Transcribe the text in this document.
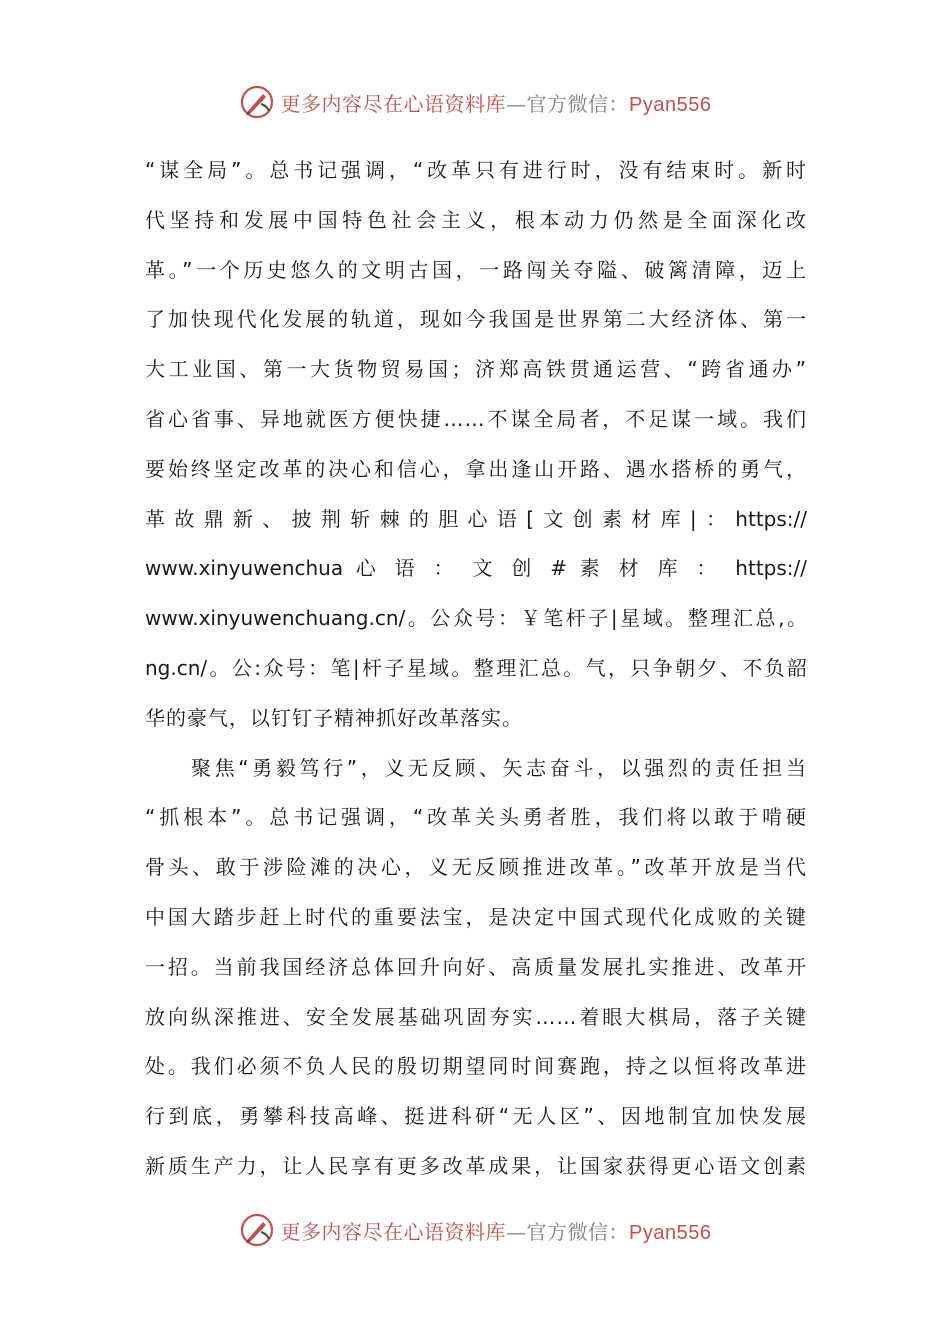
更多内容尽在心语资料库—官方微信：Pyan556
“谋全局”。总书记强调，“改革只有进行时，没有结束时。新时
代坚持和发展中国特色社会主义，根本动力仍然是全面深化改
革。”一个历史悠久的文明古国，一路闯关夺隘、破篱清障，迈上
了加快现代化发展的轨道，现如今我国是世界第二大经济体、第一
大工业国、第一大货物贸易国；济郑高铁贯通运营、“跨省通办”
省心省事、异地就医方便快捷……不谋全局者，不足谋一域。我们
要始终坚定改革的决心和信心，拿出逢山开路、遇水搭桥的勇气，
革故鼎新、披荆斩棘的胆心语[文创素材库|：https://
www.xinyuwenchua 心 语 ： 文 创 # 素 材 库 ： https://
www.xinyuwenchuang.cn/。公众号：￥笔杆子|星域。整理汇总,。
ng.cn/。公:众号：笔|杆子星域。整理汇总。气，只争朝夕、不负韶
华的豪气，以钉钉子精神抓好改革落实。
聚焦“勇毅笃行”，义无反顾、矢志奋斗，以强烈的责任担当
“抓根本”。总书记强调，“改革关头勇者胜，我们将以敢于啃硬
骨头、敢于涉险滩的决心，义无反顾推进改革。”改革开放是当代
中国大踏步赶上时代的重要法宝，是决定中国式现代化成败的关键
一招。当前我国经济总体回升向好、高质量发展扎实推进、改革开
放向纵深推进、安全发展基础巩固夯实……着眼大棋局，落子关键
处。我们必须不负人民的殷切期望同时间赛跑，持之以恒将改革进
行到底，勇攀科技高峰、挺进科研“无人区”、因地制宜加快发展
新质生产力，让人民享有更多改革成果，让国家获得更心语文创素
更多内容尽在心语资料库—官方微信：Pyan556
